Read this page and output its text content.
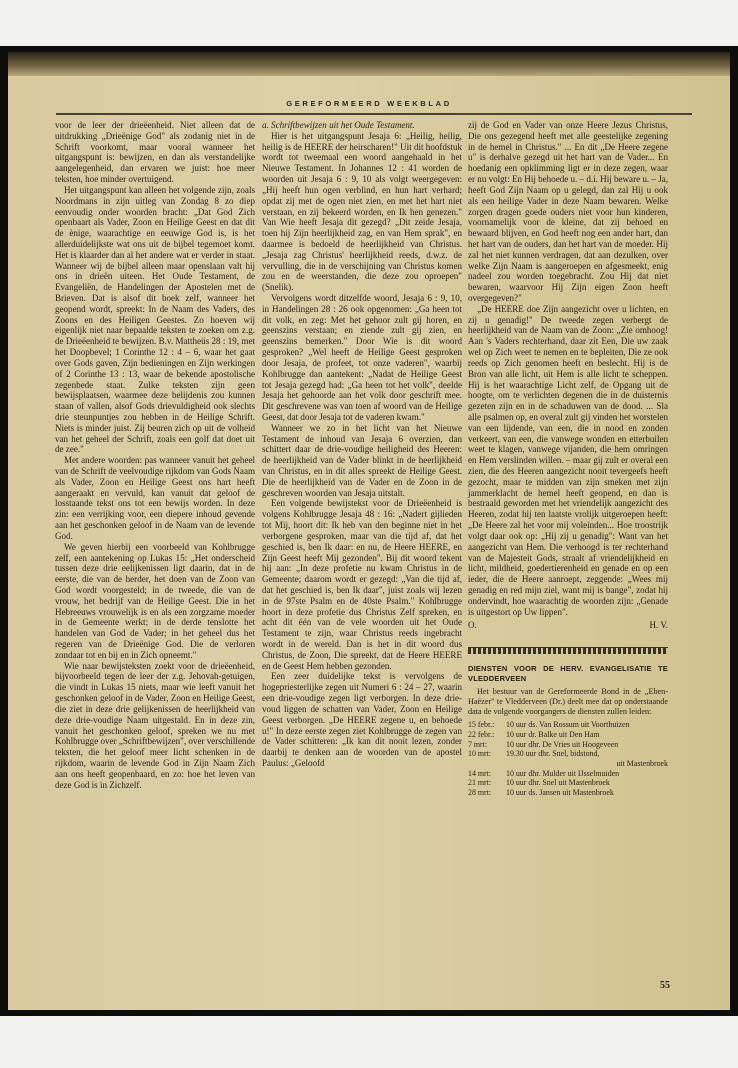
GEREFORMEERD WEEKBLAD

voor de leer der drieëenheid. Niet alleen dat de uitdrukking „Drieënige God" als zodanig niet in de Schrift voorkomt, maar vooral wanneer het uitgangspunt is: bewijzen, en dan als verstandelijke aangelegenheid, dan ervaren we juist: hoe meer teksten, hoe minder overtuigend.

Het uitgangspunt kan alleen het volgende zijn, zoals Noordmans in zijn uitleg van Zondag 8 zo diep eenvoudig onder woorden bracht: „Dat God Zich openbaart als Vader, Zoon en Heilige Geest en dat dit de ènige, waarachtige en eeuwige God is, is het allerduidelijkste wat ons uit de bijbel tegemoet komt. Het is klaarder dan al het andere wat er verder in staat. Wanneer wij de bijbel alleen maar openslaan valt hij ons in drieën uiteen. Het Oude Testament, de Evangeliën, de Handelingen der Apostelen met de Brieven. Dat is alsof dit boek zelf, wanneer het geopend wordt, spreekt: In de Naam des Vaders, des Zoons en des Heiligen Geestes. Zo hoeven wij eigenlijk niet naar bepaalde teksten te zoeken om z.g. de Drieëenheid te bewijzen. B.v. Mattheüs 28 : 19, met het Doopbevel; 1 Corinthe 12 : 4 – 6, waar het gaat over Gods gaven, Zijn bedieningen en Zijn werkingen of 2 Corinthe 13 : 13, waar de bekende apostolische zegenbede staat. Zulke teksten zijn geen bewijsplaatsen, waarmee deze belijdenis zou kunnen staan of vallen, alsof Gods drievuldigheid ook slechts drie steunpuntjes zou hebben in de Heilige Schrift. Niets is minder juist. Zij beuren zich op uit de volheid van het geheel der Schrift, zoals een golf dat doet uit de zee."

Met andere woorden: pas wanneer vanuit het geheel van de Schrift de veelvoudige rijkdom van Gods Naam als Vader, Zoon en Heilige Geest ons hart heeft aangeraakt en vervuld, kan vanuit dat geloof de losstaande tekst ons tot een bewijs worden. In deze zin: een verrijking voor, een diepere inhoud gevende aan het geschonken geloof in de Naam van de levende God.

We geven hierbij een voorbeeld van Kohlbrugge zelf, een aantekening op Lukas 15: „Het onderscheid tussen deze drie eelijkenissen ligt daarin, dat in de eerste, die van de herder, het doen van de Zoon van God wordt voorgesteld; in de tweede, die van de vrouw, het bedrijf van de Heilige Geest. Die in het Hebreeuws vrouwelijk is en als een zorgzame moeder in de Gemeente werkt; in de derde tenslotte het handelen van God de Vader; in het geheel dus het regeren van de Drieënige God. Die de verloren zondaar tot en bij en in Zich opneemt."

Wie naar bewijsteksten zoekt voor de drieëenheid, bijvoorbeeld tegen de leer der z.g. Jehovah-getuigen, die vindt in Lukas 15 niets, maar wie leeft vanuit het geschonken geloof in de Vader, Zoon en Heilige Geest, die ziet in deze drie gelijkenissen de heerlijkheid van deze drie-voudige Naam uitgestald. En in deze zin, vanuit het geschonken geloof, spreken we nu met Kohlbrugge over „Schriftbewijzen", over verschillende teksten, die het geloof meer licht schenken in de rijkdom, waarin de levende God in Zijn Naam Zich aan ons heeft geopenbaard, en zo: hoe het leven van deze God is in Zichzelf.

a. Schriftbewijzen uit het Oude Testament.

Hier is het uitgangspunt Jesaja 6: „Heilig, heilig, heilig is de HEERE der heirscharen!" Uit dit hoofdstuk wordt tot tweemaal een woord aangehaald in het Nieuwe Testament. In Johannes 12 : 41 worden de woorden uit Jesaja 6 : 9, 10 als volgt weergegeven: „Hij heeft hun ogen verblind, en hun hart verhard; opdat zij met de ogen niet zien, en met het hart niet verstaan, en zij bekeerd worden, en Ik hen genezen." Van Wie heeft Jesaja dit gezegd? „Dit zeide Jesaja, toen hij Zijn heerlijkheid zag, en van Hem sprak", en daarmee is bedoeld de heerlijkheid van Christus. „Jesaja zag Christus' heerlijkheid reeds, d.w.z. de vervulling, die in de verschijning van Christus komen zou en de weerstanden, die deze zou oproepen" (Snelik).

Vervolgens wordt ditzelfde woord, Jesaja 6 : 9, 10, in Handelingen 28 : 26 ook opgenomen: „Ga heen tot dit volk, en zeg: Met het gehoor zult gij horen, en geenszins verstaan; en ziende zult gij zien, en geenszins bemerken." Door Wie is dit woord gesproken? „Wel heeft de Heilige Geest gesproken door Jesaja, de profeet, tot onze vaderen", waarbij Kohlbrugge dan aantekent: „Nadat de Heilige Geest tot Jesaja gezegd had: „Ga heen tot het volk", deelde Jesaja het gehoorde aan het volk door geschrift mee. Dit geschrevene was van toen af woord van de Heilige Geest, dat door Jesaja tot de vaderen kwam."

Wanneer we zo in het licht van het Nieuwe Testament de inhoud van Jesaja 6 overzien, dan schittert daar de drie-voudige heiligheid des Heeren: de heerlijkheid van de Vader blinkt in de heerlijkheid van Christus, en in dit alles spreekt de Heilige Geest. Die de heerlijkheid van de Vader en de Zoon in de geschreven woorden van Jesaja uitstalt.

Een volgende bewijstekst voor de Drieëenheid is volgens Kohlbrugge Jesaja 48 : 16: „Nadert gijlieden tot Mij, hoort dit: Ik heb van den beginne niet in het verborgene gesproken, maar van die tijd af, dat het geschied is, ben Ik daar: en nu, de Heere HEERE, en Zijn Geest heeft Mij gezonden". Bij dit woord tekent hij aan: „In deze profetie nu kwam Christus in de Gemeente; daarom wordt er gezegd: „Van die tijd af, dat het geschied is, ben Ik daar", juist zoals wij lezen in de 97ste Psalm en de 40ste Psalm." Kohlbrugge hoort in deze profetie dus Christus Zelf spreken, en acht dit één van de vele woorden uit het Oude Testament te zijn, waar Christus reeds ingebracht wordt in de wereld. Dan is het in dit woord dus Christus, de Zoon, Die spreekt, dat de Heere HEERE en de Geest Hem hebben gezonden.

Een zeer duidelijke tekst is vervolgens de hogepriesterlijke zegen uit Numeri 6 : 24 – 27, waarin een drie-voudige zegen ligt verborgen. In deze drie-voud liggen de schatten van Vader, Zoon en Heilige Geest verborgen. „De HEERE zegene u, en behoede u!" In deze eerste zegen ziet Kohlbrugge de zegen van de Vader schitteren: „Ik kan dit nooit lezen, zonder daarbij te denken aan de woorden van de apostel Paulus: „Geloofd

zij de God en Vader van onze Heere Jezus Christus, Die ons gezegend heeft met alle geestelijke zegening in de hemel in Christus." ... En dit „De Heere zegene u" is derhalve gezegd uit het hart van de Vader... En hoedanig een opklimming ligt er in deze zegen, waar er nu volgt: En Hij behoede u. – d.i. Hij beware u. – Ja, heeft God Zijn Naam op u gelegd, dan zal Hij u ook als een heilige Vader in deze Naam bewaren. Welke zorgen dragen goede ouders niet voor hun kinderen, voornamelijk voor de kleine, dat zij behoed en bewaard blijven, en God heeft nog een ander hart, dan het hart van de ouders, dan het hart van de moeder. Hij zal het niet kunnen verdragen, dat aan dezulken, over welke Zijn Naam is aangeroepen en afgesmeekt, enig nadeel zou worden toegebracht. Zou Hij dat niet bewaren, waarvoor Hij Zijn eigen Zoon heeft overgegeven?"

„De HEERE doe Zijn aangezicht over u lichten, en zij u genadig!" De tweede zegen verbergt de heerlijkheid van de Naam van de Zoon: „Zie omhoog! Aan 's Vaders rechterhand, daar zit Een, Die uw zaak wel op Zich weet te nemen en te bepleiten, Die ze ook reeds op Zich genomen heeft en beslecht. Hij is de Bron van alle licht, uit Hem is alle licht te scheppen. Hij is het waarachtige Licht zelf, de Opgang uit de hoogte, om te verlichten degenen die in de duisternis gezeten zijn en in de schaduwen van de dood. ... Sla alle psalmen op, en overal zult gij vinden het worstelen van een lijdende, van een, die in nood en zonden verkeert, van een, die vanwege wonden en etterbuilen weet te klagen, vanwege vijanden, die hem omringen en Hem verslinden willen. – maar gij zult er overal een zien, die des Heeren aangezicht nooit tevergeefs heeft gezocht, maar te midden van zijn smeken met zijn jammerklacht de hemel heeft geopend, en dan is bestraald geworden met het vriendelijk aangezicht des Heeren, zodat hij ten laatste vrolijk uitgeroepen heeft: „De Heere zal het voor mij voleinden... Hoe troostrijk volgt daar ook op: „Hij zij u genadig": Want van het aangezicht van Hem. Die verhoogd is ter rechterhand van de Majesteit Gods, straalt af vriendelijkheid en licht, mildheid, goedertierenheid en genade en op een ieder, die de Heere aanroept, zeggende: „Wees mij genadig en red mijn ziel, want mij is bange", zodat hij ondervindt, hoe waarachtig de woorden zijn: „Genade is uitgestort op Uw lippen".

O.	H. V.

DIENSTEN VOOR DE HERV. EVANGELISATIE TE VLEDDERVEEN

Het bestuur van de Gereformeerde Bond in de „Eben-Haëzer" te Vledderveen (Dr.) deelt mee dat op onderstaande data de volgende voorgangers de diensten zullen leiden:

15 febr.:	10 uur ds. Van Rossum uit Voorthuizen
22 febr.:	10 uur dr. Balke uit Den Ham
7 mrt:	10 uur dhr. De Vries uit Hoogeveen
10 mrt:	19.30 uur dhr. Snel, bidstond,
uit Mastenbroek
14 mrt:	10 uur dhr. Mulder uit IJsselmuiden
21 mrt:	10 uur dhr. Snel uit Mastenbroek
28 mrt:	10 uur ds. Jansen uit Mastenbroek
55
